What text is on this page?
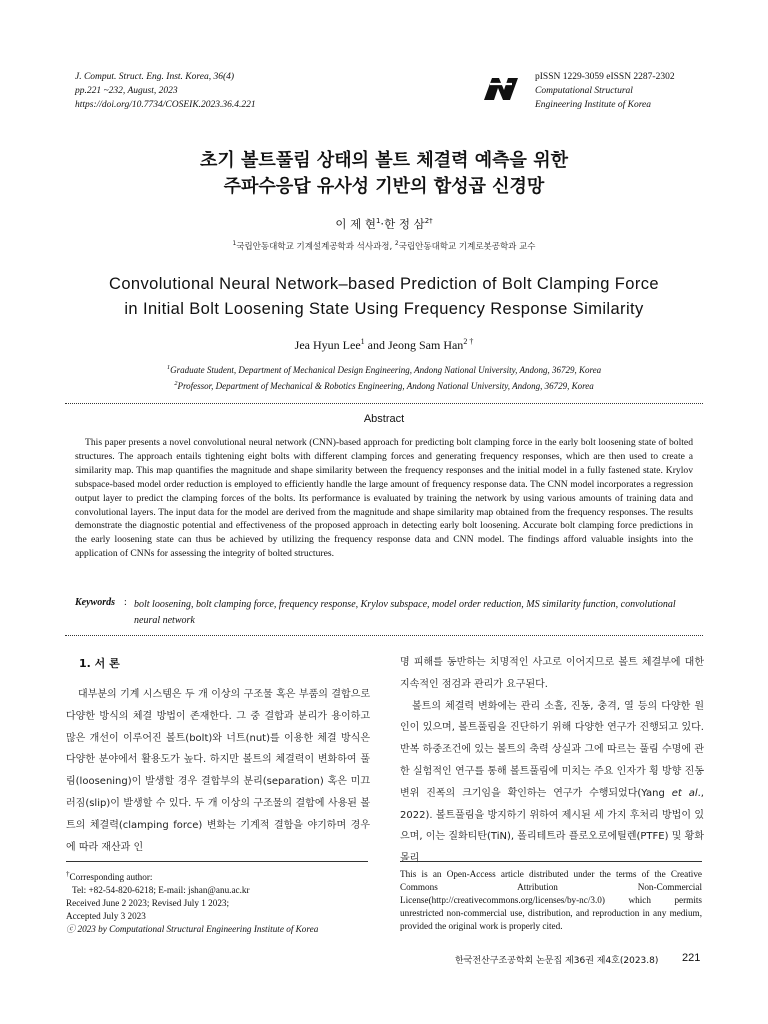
J. Comput. Struct. Eng. Inst. Korea, 36(4)
pp.221 ~232, August, 2023
https://doi.org/10.7734/COSEIK.2023.36.4.221
pISSN 1229-3059 eISSN 2287-2302
Computational Structural
Engineering Institute of Korea
초기 볼트풀림 상태의 볼트 체결력 예측을 위한
주파수응답 유사성 기반의 합성곱 신경망
이 제 현$^1$·한 정 삼$^{2\dagger}$
$^1$국립안동대학교 기계설계공학과 석사과정, $^2$국립안동대학교 기계로봇공학과 교수
Convolutional Neural Network–based Prediction of Bolt Clamping Force
in Initial Bolt Loosening State Using Frequency Response Similarity
Jea Hyun Lee$^1$ and Jeong Sam Han$^{2 \dagger}$
$^1$Graduate Student, Department of Mechanical Design Engineering, Andong National University, Andong, 36729, Korea
$^2$Professor, Department of Mechanical & Robotics Engineering, Andong National University, Andong, 36729, Korea
Abstract
This paper presents a novel convolutional neural network (CNN)-based approach for predicting bolt clamping force in the early bolt loosening state of bolted structures. The approach entails tightening eight bolts with different clamping forces and generating frequency responses, which are then used to create a similarity map. This map quantifies the magnitude and shape similarity between the frequency responses and the initial model in a fully fastened state. Krylov subspace-based model order reduction is employed to efficiently handle the large amount of frequency response data. The CNN model incorporates a regression output layer to predict the clamping forces of the bolts. Its performance is evaluated by training the network by using various amounts of training data and convolutional layers. The input data for the model are derived from the magnitude and shape similarity map obtained from the frequency responses. The results demonstrate the diagnostic potential and effectiveness of the proposed approach in detecting early bolt loosening. Accurate bolt clamping force predictions in the early loosening state can thus be achieved by utilizing the frequency response data and CNN model. The findings afford valuable insights into the application of CNNs for assessing the integrity of bolted structures.
Keywords : bolt loosening, bolt clamping force, frequency response, Krylov subspace, model order reduction, MS similarity function, convolutional neural network
1. 서 론
대부분의 기계 시스템은 두 개 이상의 구조물 혹은 부품의 결합으로 다양한 방식의 체결 방법이 존재한다. 그 중 결합과 분리가 용이하고 많은 개선이 이루어진 볼트(bolt)와 너트(nut)를 이용한 체결 방식은 다양한 분야에서 활용도가 높다. 하지만 볼트의 체결력이 변화하여 풀림(loosening)이 발생할 경우 결합부의 분리(separation) 혹은 미끄러짐(slip)이 발생할 수 있다. 두 개 이상의 구조물의 결합에 사용된 볼트의 체결력(clamping force) 변화는 기계적 결함을 야기하며 경우에 따라 재산과 인
명 피해를 동반하는 치명적인 사고로 이어지므로 볼트 체결부에 대한 지속적인 점검과 관리가 요구된다.
볼트의 체결력 변화에는 관리 소홀, 진동, 충격, 열 등의 다양한 원인이 있으며, 볼트풀림을 진단하기 위해 다양한 연구가 진행되고 있다. 반복 하중조건에 있는 볼트의 축력 상실과 그에 따르는 풀림 수명에 관한 실험적인 연구를 통해 볼트풀림에 미치는 주요 인자가 횡 방향 진동 변위 진폭의 크기임을 확인하는 연구가 수행되었다(Yang et al., 2022). 볼트풀림을 방지하기 위하여 제시된 세 가지 후처리 방법이 있으며, 이는 질화티탄(TiN), 폴리테트라 플로오로에틸렌(PTFE) 및 황화몰리
†Corresponding author:
Tel: +82-54-820-6218; E-mail: jshan@anu.ac.kr
Received June 2 2023; Revised July 1 2023;
Accepted July 3 2023
ⓒ 2023 by Computational Structural Engineering Institute of Korea
This is an Open-Access article distributed under the terms of the Creative Commons Attribution Non-Commercial License(http://creativecommons.org/licenses/by-nc/3.0) which permits unrestricted non-commercial use, distribution, and reproduction in any medium, provided the original work is properly cited.
한국전산구조공학회 논문집 제36권 제4호(2023.8) 221
